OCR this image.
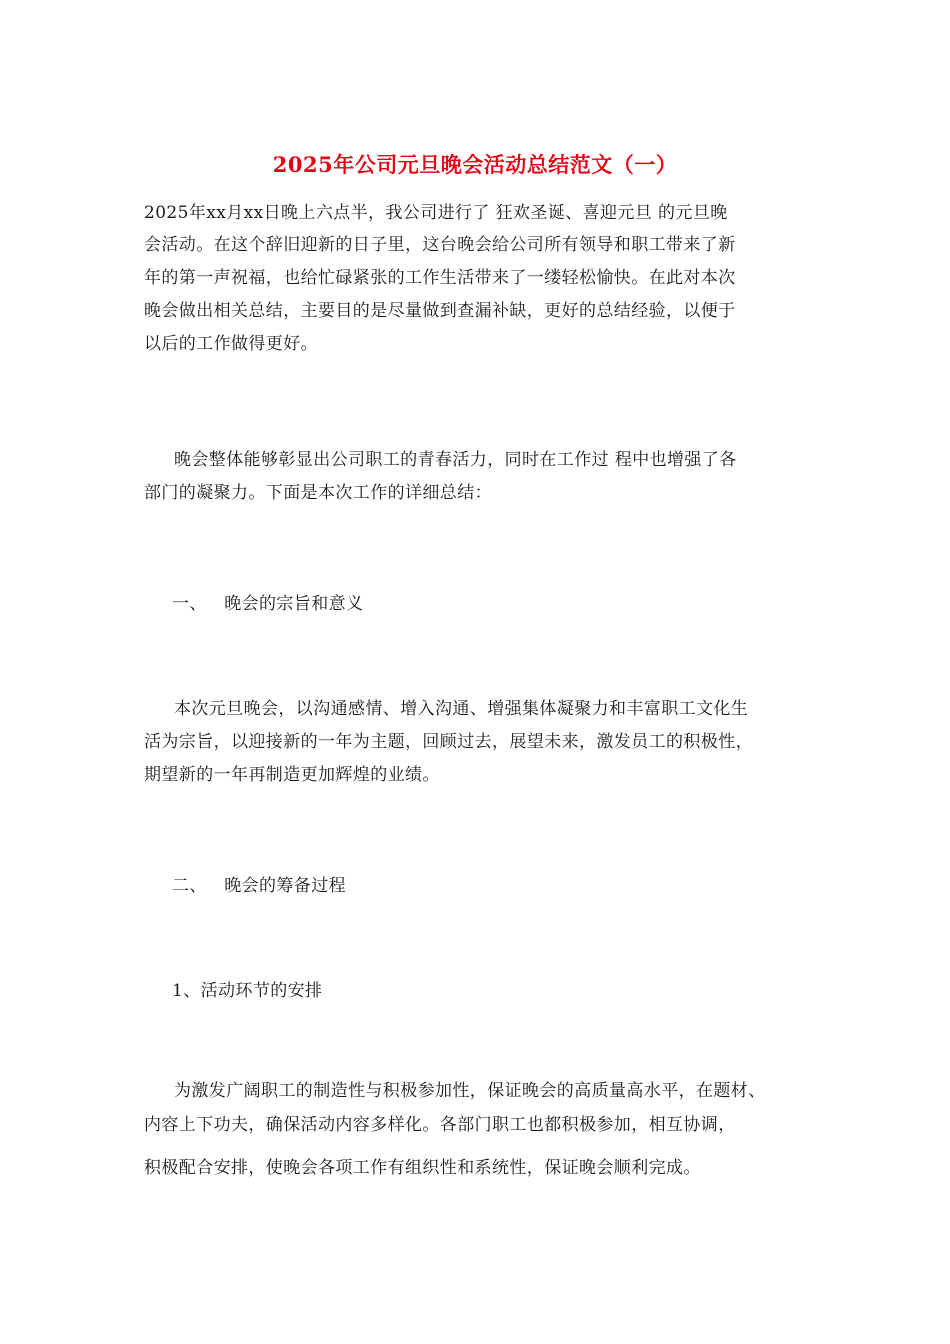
2025年公司元旦晚会活动总结范文（一）
2025年xx月xx日晚上六点半，我公司进行了 狂欢圣诞、喜迎元旦 的元旦晚
会活动。在这个辞旧迎新的日子里，这台晚会给公司所有领导和职工带来了新
年的第一声祝福，也给忙碌紧张的工作生活带来了一缕轻松愉快。在此对本次
晚会做出相关总结，主要目的是尽量做到查漏补缺，更好的总结经验，以便于
以后的工作做得更好。
晚会整体能够彰显出公司职工的青春活力，同时在工作过 程中也增强了各
部门的凝聚力。下面是本次工作的详细总结：
一、   晚会的宗旨和意义
本次元旦晚会，以沟通感情、增入沟通、增强集体凝聚力和丰富职工文化生
活为宗旨，以迎接新的一年为主题，回顾过去，展望未来，激发员工的积极性，
期望新的一年再制造更加辉煌的业绩。
二、   晚会的筹备过程
1、活动环节的安排
为激发广阔职工的制造性与积极参加性，保证晚会的高质量高水平，在题材、
内容上下功夫，确保活动内容多样化。各部门职工也都积极参加，相互协调，
积极配合安排，使晚会各项工作有组织性和系统性，保证晚会顺利完成。
